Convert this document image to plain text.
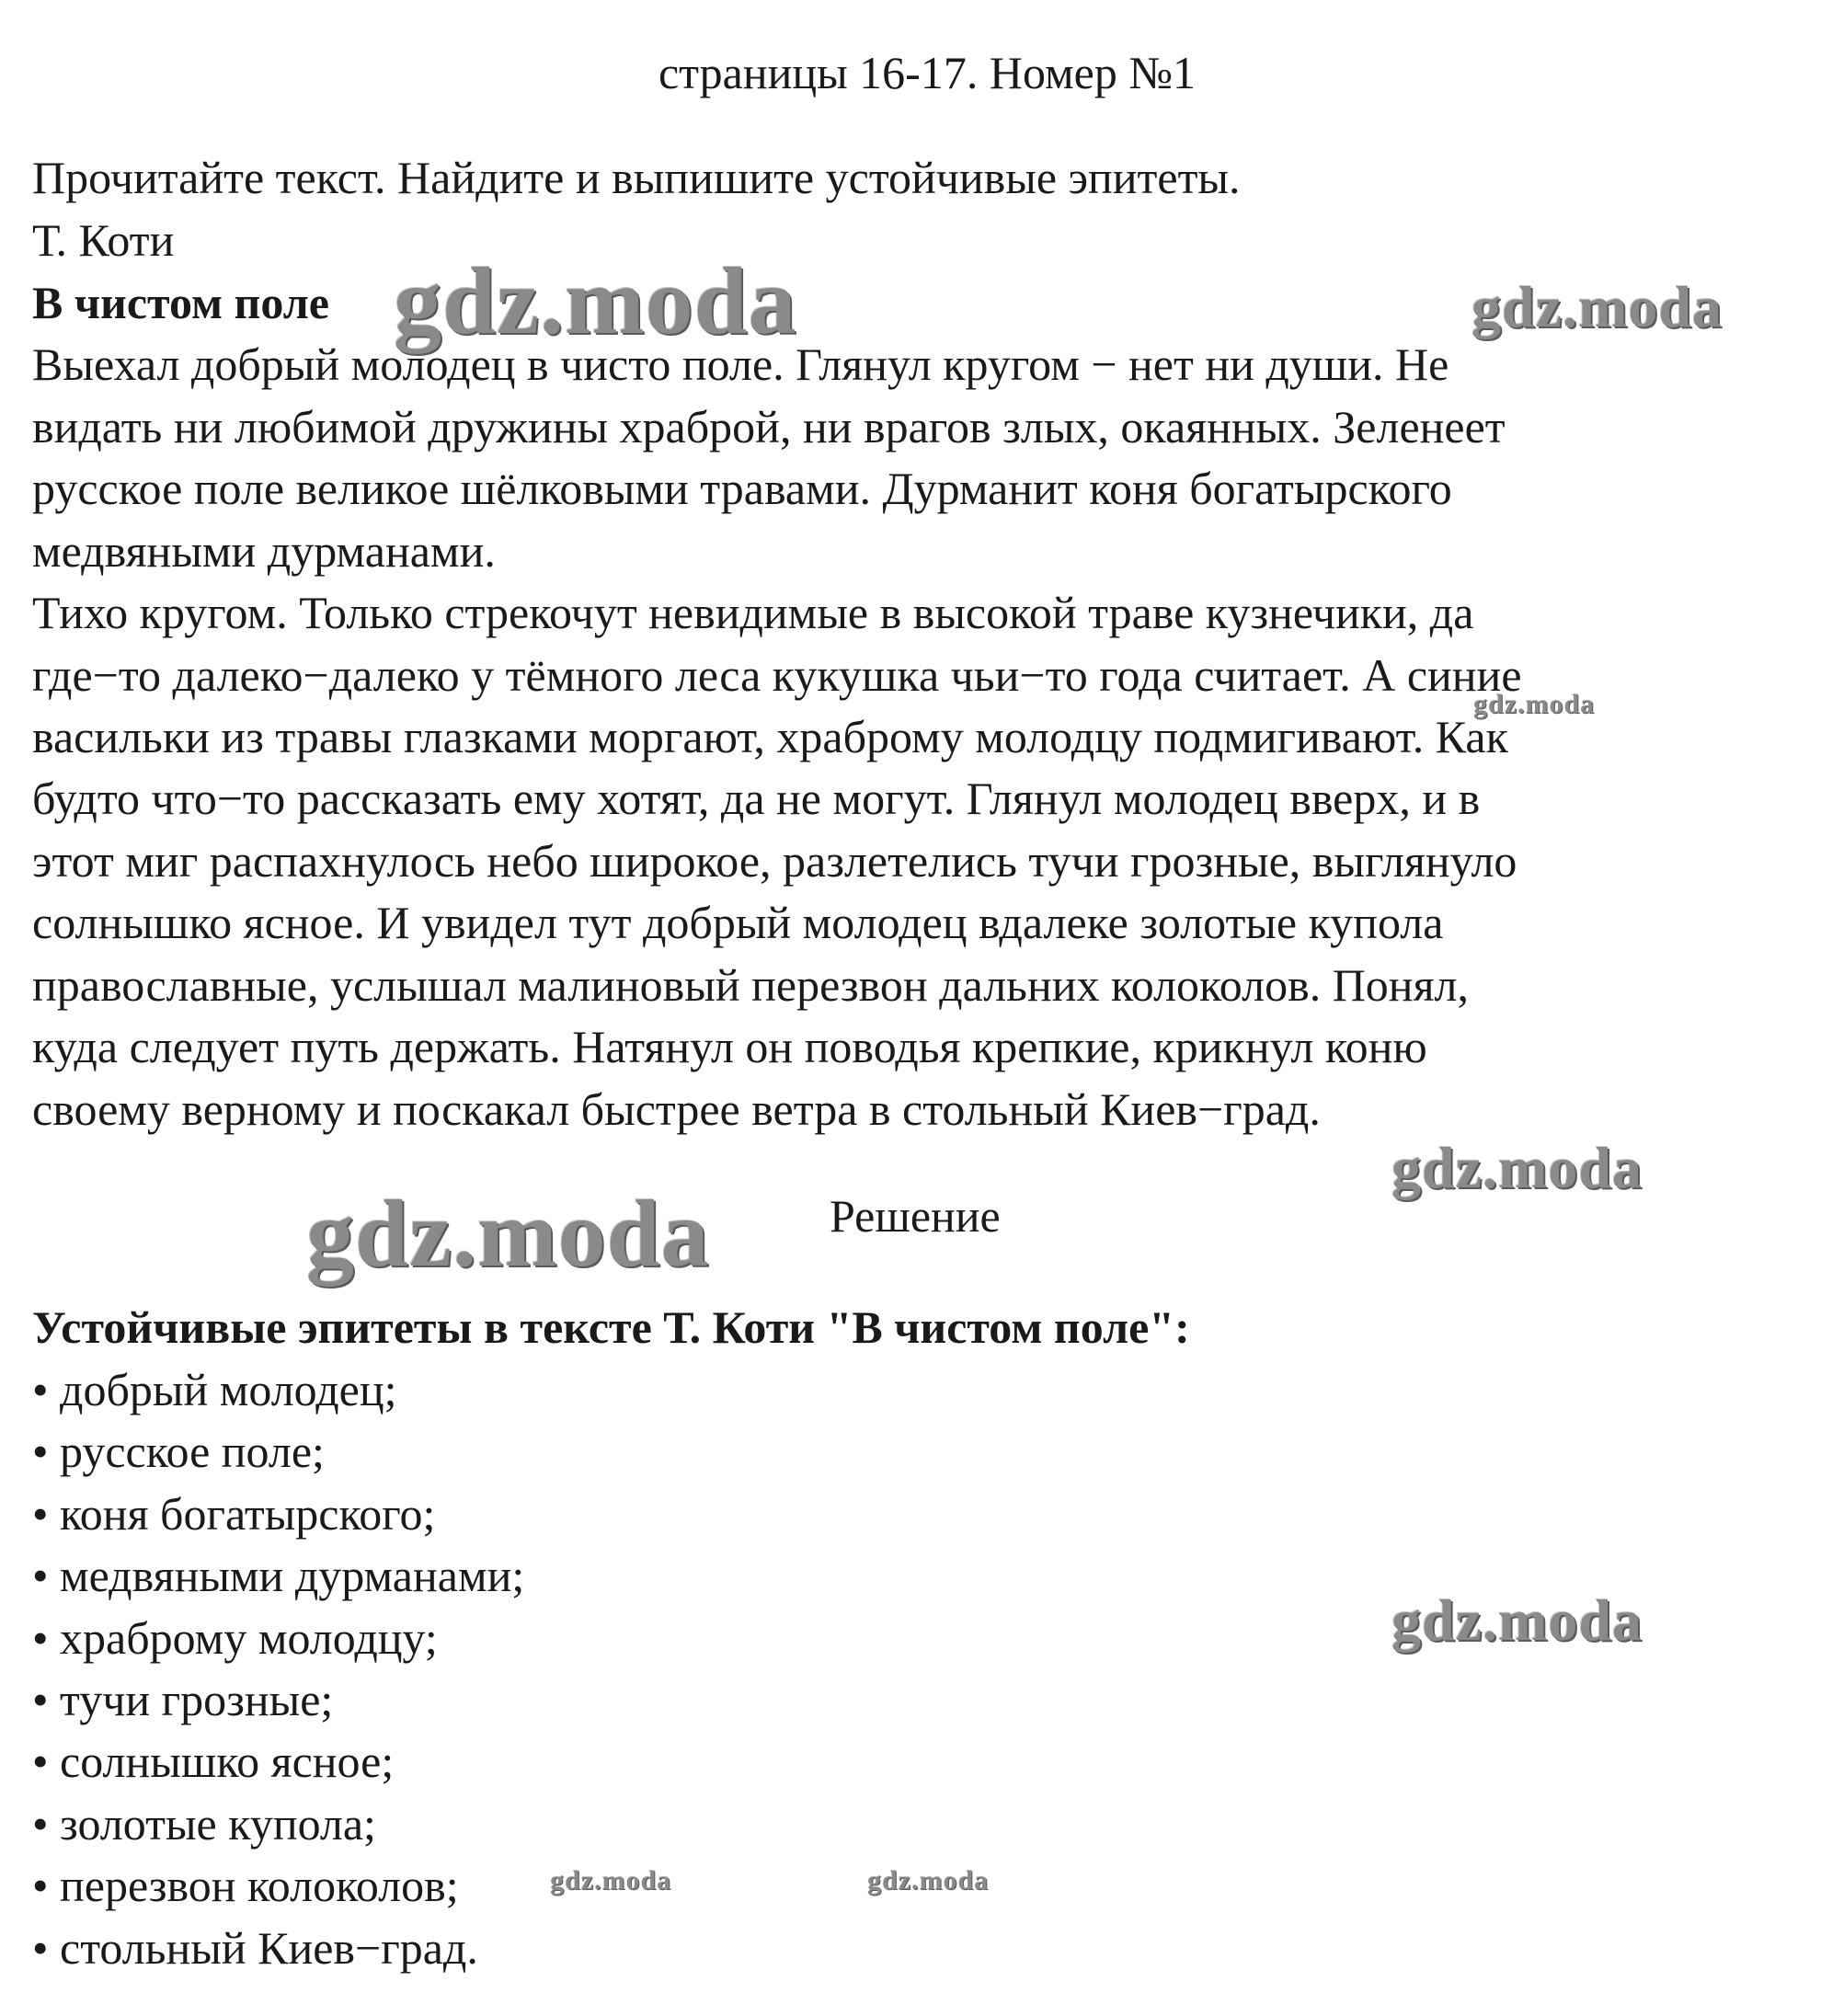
страницы 16-17. Номер №1
Прочитайте текст. Найдите и выпишите устойчивые эпитеты.
Т. Коти
В чистом поле
Выехал добрый молодец в чисто поле. Глянул кругом − нет ни души. Не
видать ни любимой дружины храброй, ни врагов злых, окаянных. Зеленеет
русское поле великое шёлковыми травами. Дурманит коня богатырского
медвяными дурманами.
Тихо кругом. Только стрекочут невидимые в высокой траве кузнечики, да
где−то далеко−далеко у тёмного леса кукушка чьи−то года считает. А синие
васильки из травы глазками моргают, храброму молодцу подмигивают. Как
будто что−то рассказать ему хотят, да не могут. Глянул молодец вверх, и в
этот миг распахнулось небо широкое, разлетелись тучи грозные, выглянуло
солнышко ясное. И увидел тут добрый молодец вдалеке золотые купола
православные, услышал малиновый перезвон дальних колоколов. Понял,
куда следует путь держать. Натянул он поводья крепкие, крикнул коню
своему верному и поскакал быстрее ветра в стольный Киев−град.
Решение
Устойчивые эпитеты в тексте Т. Коти "В чистом поле":
• добрый молодец;
• русское поле;
• коня богатырского;
• медвяными дурманами;
• храброму молодцу;
• тучи грозные;
• солнышко ясное;
• золотые купола;
• перезвон колоколов;
• стольный Киев−град.
gdz.moda	gdz.moda
gdz.moda
gdz.moda
gdz.moda
gdz.moda
gdz.moda	gdz.moda
